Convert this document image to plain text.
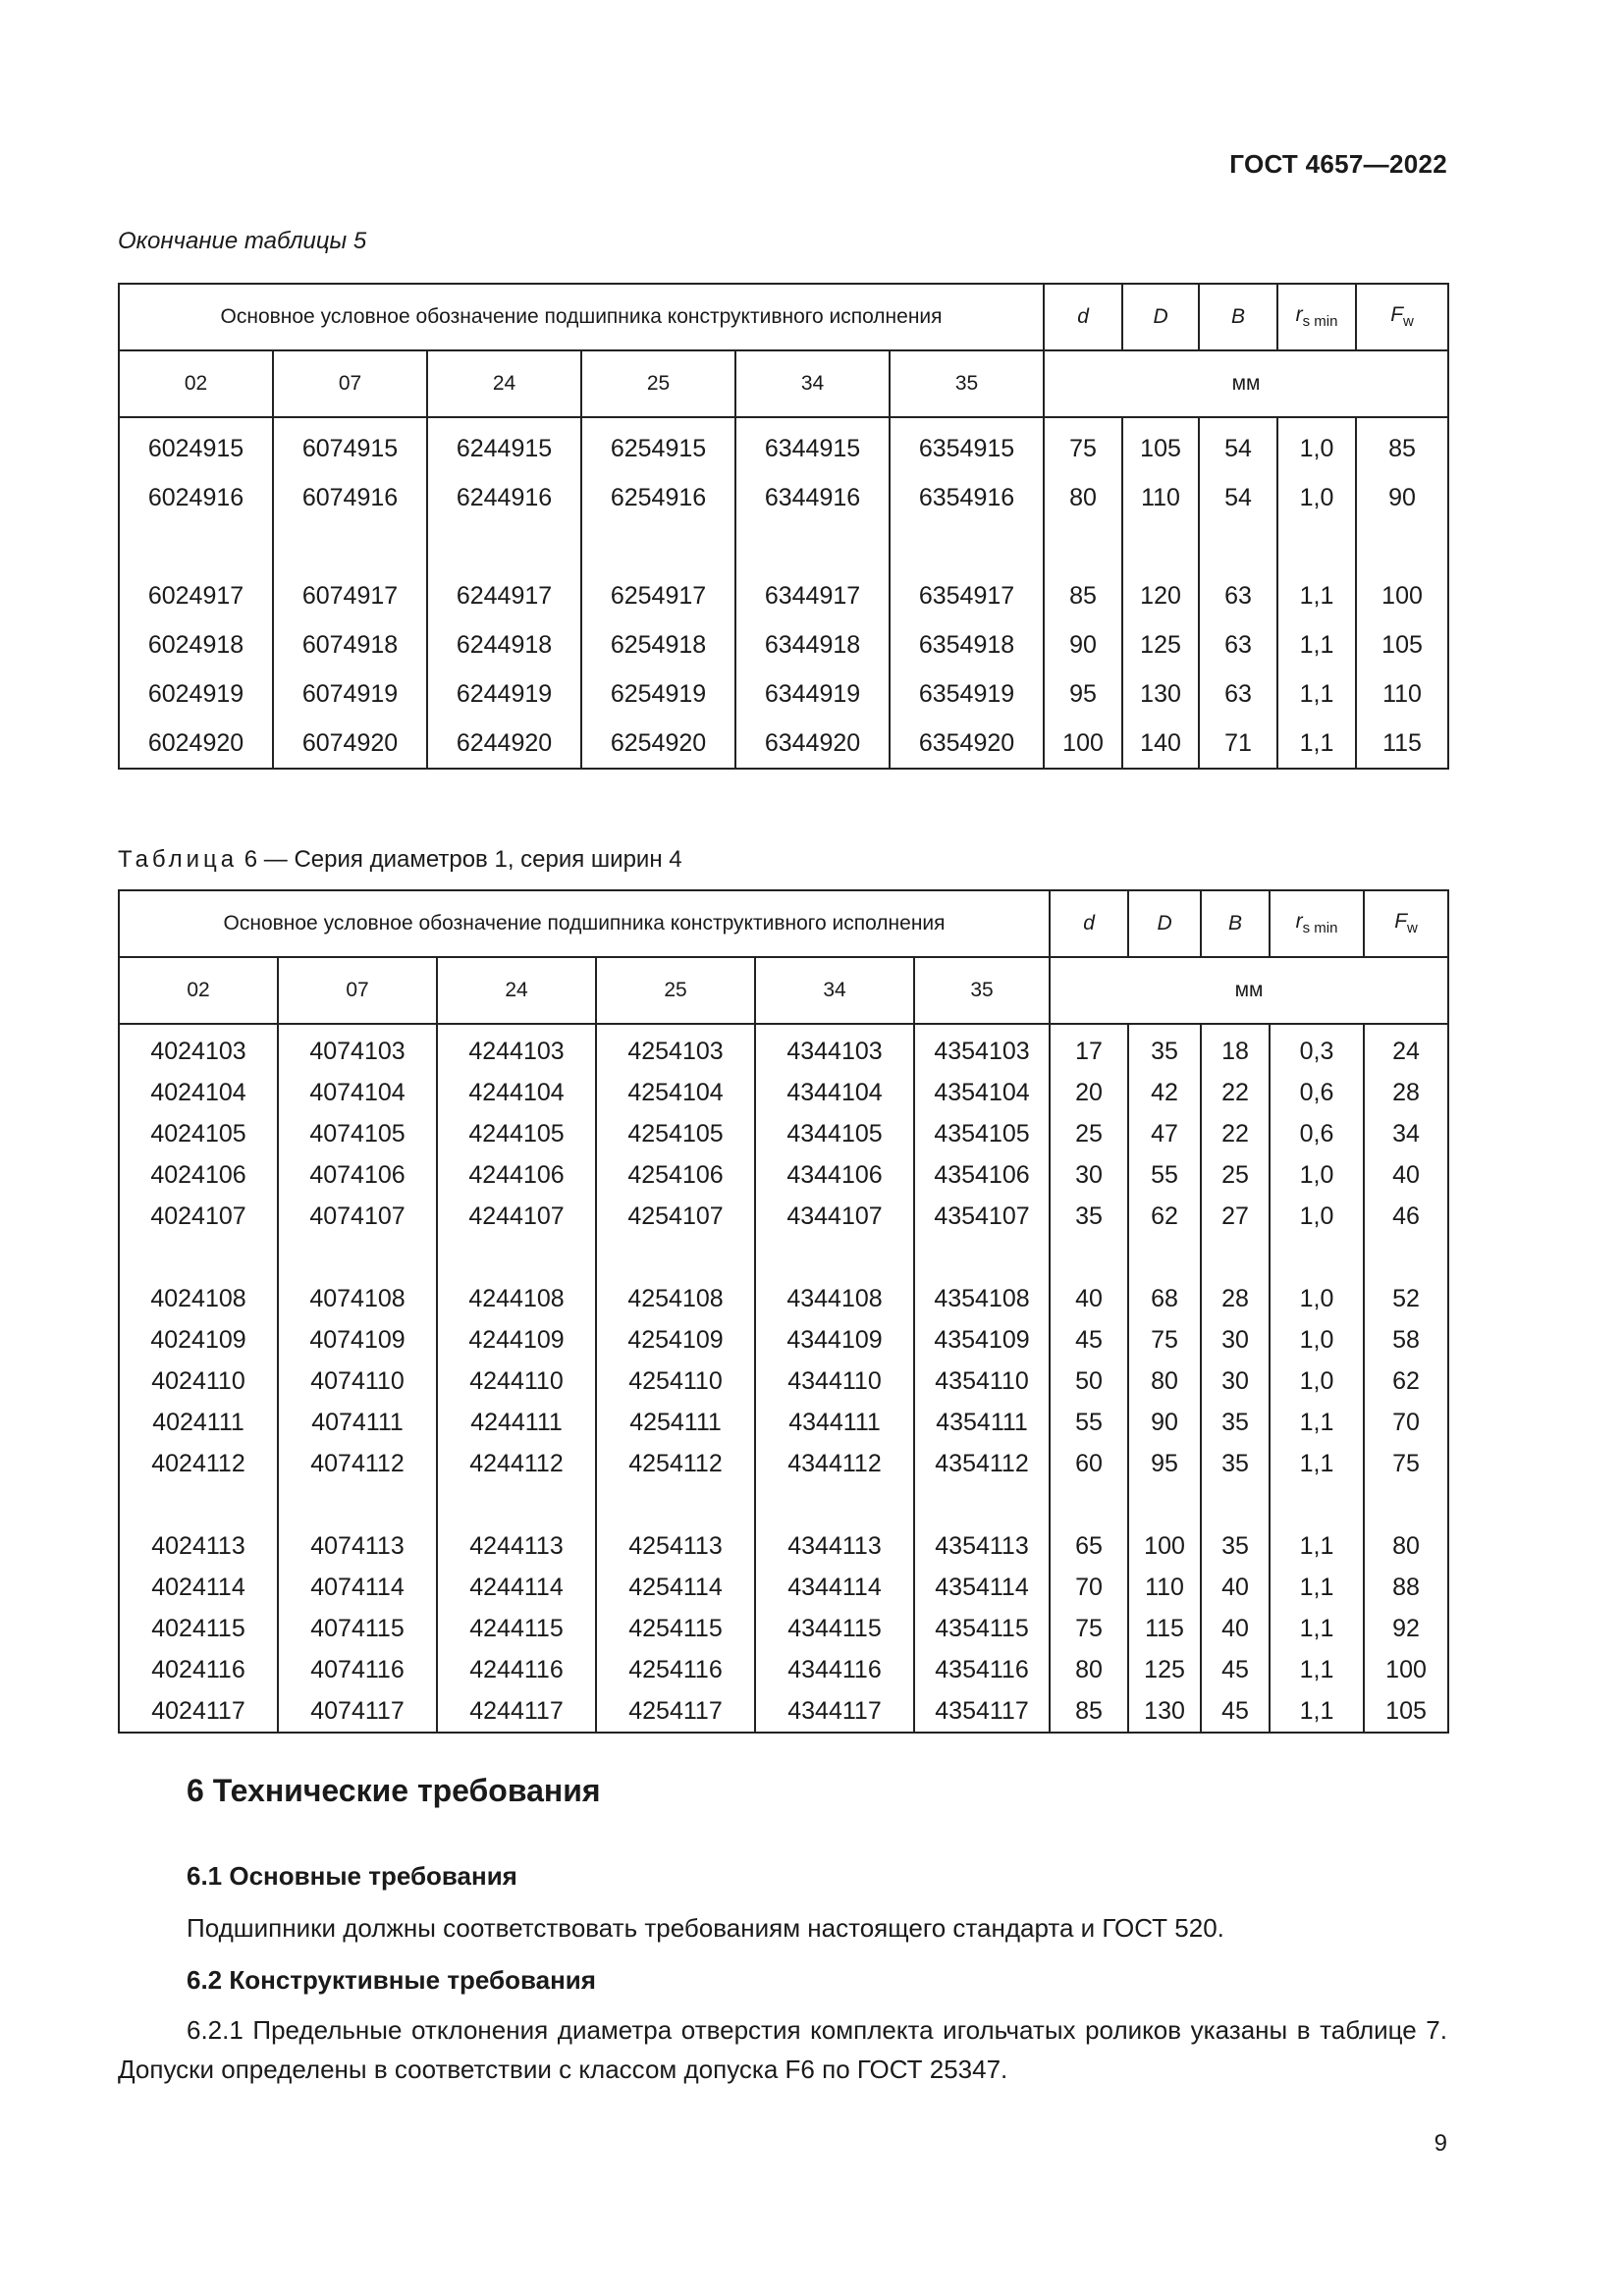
ГОСТ 4657—2022
Окончание таблицы 5
Основное условное обозначение подшипника конструктивного исполнения						d	D	B	$r_{s min}$	$F_w$
02	07	24	25	34	35	мм				
6024915	6074915	6244915	6254915	6344915	6354915	75	105	54	1,0	85
6024916	6074916	6244916	6254916	6344916	6354916	80	110	54	1,0	90

6024917	6074917	6244917	6254917	6344917	6354917	85	120	63	1,1	100
6024918	6074918	6244918	6254918	6344918	6354918	90	125	63	1,1	105
6024919	6074919	6244919	6254919	6344919	6354919	95	130	63	1,1	110
6024920	6074920	6244920	6254920	6344920	6354920	100	140	71	1,1	115
Таблица 6 — Серия диаметров 1, серия ширин 4
Основное условное обозначение подшипника конструктивного исполнения						d	D	B	$r_{s min}$	$F_w$
02	07	24	25	34	35	мм				
4024103	4074103	4244103	4254103	4344103	4354103	17	35	18	0,3	24
4024104	4074104	4244104	4254104	4344104	4354104	20	42	22	0,6	28
4024105	4074105	4244105	4254105	4344105	4354105	25	47	22	0,6	34
4024106	4074106	4244106	4254106	4344106	4354106	30	55	25	1,0	40
4024107	4074107	4244107	4254107	4344107	4354107	35	62	27	1,0	46

4024108	4074108	4244108	4254108	4344108	4354108	40	68	28	1,0	52
4024109	4074109	4244109	4254109	4344109	4354109	45	75	30	1,0	58
4024110	4074110	4244110	4254110	4344110	4354110	50	80	30	1,0	62
4024111	4074111	4244111	4254111	4344111	4354111	55	90	35	1,1	70
4024112	4074112	4244112	4254112	4344112	4354112	60	95	35	1,1	75

4024113	4074113	4244113	4254113	4344113	4354113	65	100	35	1,1	80
4024114	4074114	4244114	4254114	4344114	4354114	70	110	40	1,1	88
4024115	4074115	4244115	4254115	4344115	4354115	75	115	40	1,1	92
4024116	4074116	4244116	4254116	4344116	4354116	80	125	45	1,1	100
4024117	4074117	4244117	4254117	4344117	4354117	85	130	45	1,1	105
6 Технические требования
6.1 Основные требования
Подшипники должны соответствовать требованиям настоящего стандарта и ГОСТ 520.
6.2 Конструктивные требования
6.2.1 Предельные отклонения диаметра отверстия комплекта игольчатых роликов указаны в таблице 7. Допуски определены в соответствии с классом допуска F6 по ГОСТ 25347.
9
